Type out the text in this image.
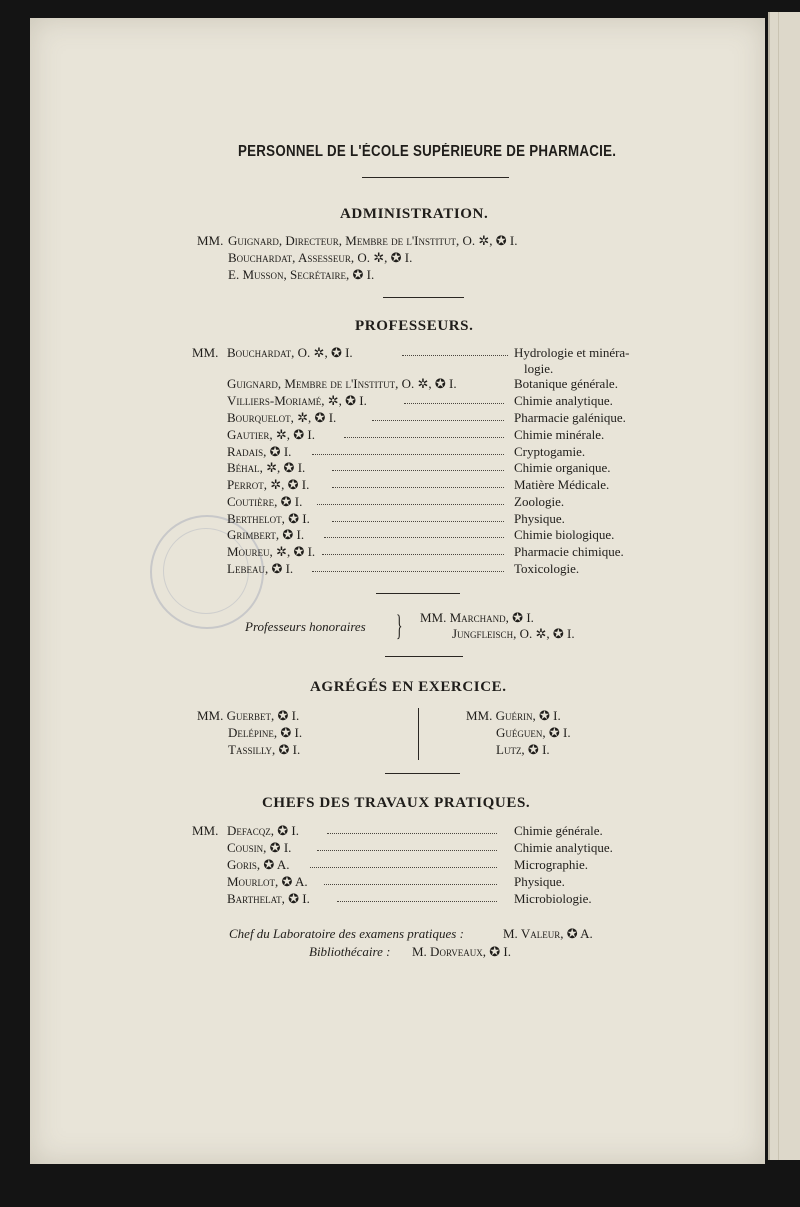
PERSONNEL DE L'ÉCOLE SUPÉRIEURE DE PHARMACIE.
ADMINISTRATION.
MM. Guignard, Directeur, Membre de l'Institut, O. ✲, ✪ I.
Bouchardat, Assesseur, O. ✲, ✪ I.
E. Musson, Secrétaire, ✪ I.
PROFESSEURS.
MM. Bouchardat, O. ✲, ✪ I.	Hydrologie et minéra-
logie.
Guignard, Membre de l'Institut, O. ✲, ✪ I.	Botanique générale.
Villiers-Moriamé, ✲, ✪ I.	Chimie analytique.
Bourquelot, ✲, ✪ I.	Pharmacie galénique.
Gautier, ✲, ✪ I.	Chimie minérale.
Radais, ✪ I.	Cryptogamie.
Béhal, ✲, ✪ I.	Chimie organique.
Perrot, ✲, ✪ I.	Matière Médicale.
Coutière, ✪ I.	Zoologie.
Berthelot, ✪ I.	Physique.
Grimbert, ✪ I.	Chimie biologique.
Moureu, ✲, ✪ I.	Pharmacie chimique.
Lebeau, ✪ I.	Toxicologie.
Professeurs honoraires } MM. Marchand, ✪ I.
Jungfleisch, O. ✲, ✪ I.
AGRÉGÉS EN EXERCICE.
MM. Guerbet, ✪ I.
Delépine, ✪ I.
Tassilly, ✪ I.
MM. Guérin, ✪ I.
Guéguen, ✪ I.
Lutz, ✪ I.
CHEFS DES TRAVAUX PRATIQUES.
MM. Defacqz, ✪ I.	Chimie générale.
Cousin, ✪ I.	Chimie analytique.
Goris, ✪ A.	Micrographie.
Mourlot, ✪ A.	Physique.
Barthelat, ✪ I.	Microbiologie.
Chef du Laboratoire des examens pratiques :	M. Valeur, ✪ A.
Bibliothécaire : M. Dorveaux, ✪ I.
